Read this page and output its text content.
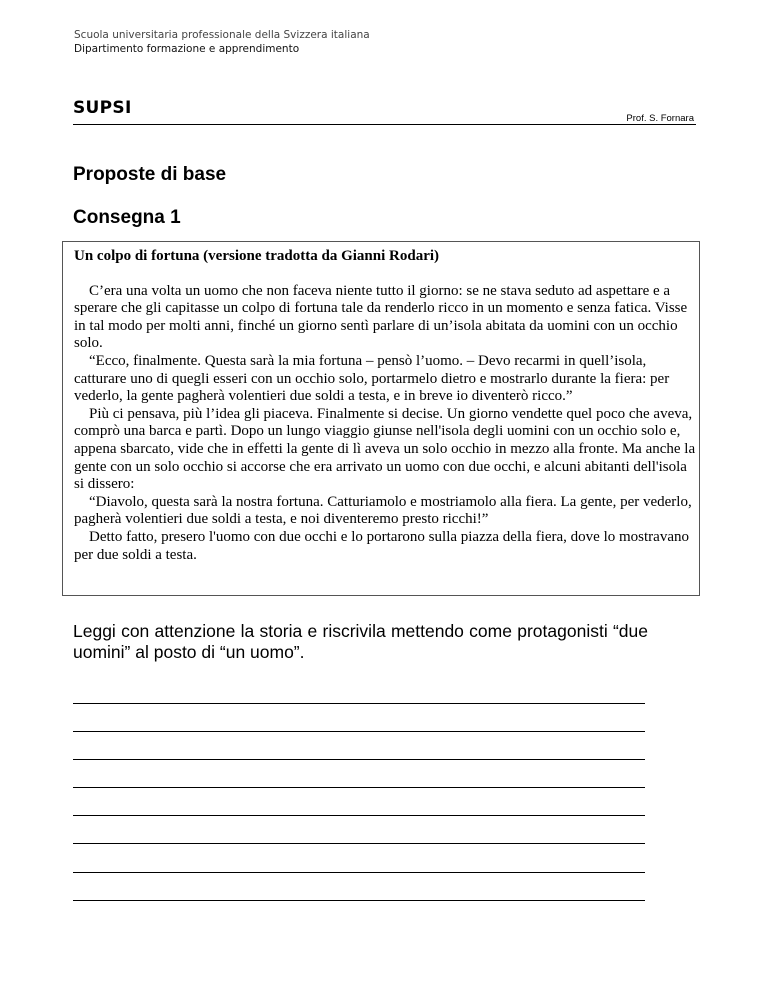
Scuola universitaria professionale della Svizzera italiana
Dipartimento formazione e apprendimento
SUPSI
Prof. S. Fornara
Proposte di base
Consegna 1
Un colpo di fortuna (versione tradotta da Gianni Rodari)

C’era una volta un uomo che non faceva niente tutto il giorno: se ne stava seduto ad aspettare e a sperare che gli capitasse un colpo di fortuna tale da renderlo ricco in un momento e senza fatica. Visse in tal modo per molti anni, finché un giorno sentì parlare di un’isola abitata da uomini con un occhio solo.

“Ecco, finalmente. Questa sarà la mia fortuna – pensò l’uomo. – Devo recarmi in quell’isola, catturare uno di quegli esseri con un occhio solo, portarmelo dietro e mostrarlo durante la fiera: per vederlo, la gente pagherà volentieri due soldi a testa, e in breve io diventerò ricco.”

Più ci pensava, più l’idea gli piaceva. Finalmente si decise. Un giorno vendette quel poco che aveva, comprò una barca e partì. Dopo un lungo viaggio giunse nell'isola degli uomini con un occhio solo e, appena sbarcato, vide che in effetti la gente di lì aveva un solo occhio in mezzo alla fronte. Ma anche la gente con un solo occhio si accorse che era arrivato un uomo con due occhi, e alcuni abitanti dell'isola si dissero:

“Diavolo, questa sarà la nostra fortuna. Catturiamolo e mostriamolo alla fiera. La gente, per vederlo, pagherà volentieri due soldi a testa, e noi diventeremo presto ricchi!”

Detto fatto, presero l'uomo con due occhi e lo portarono sulla piazza della fiera, dove lo mostravano per due soldi a testa.

Leggi con attenzione la storia e riscrivila mettendo come protagonisti “due uomini” al posto di “un uomo”.
